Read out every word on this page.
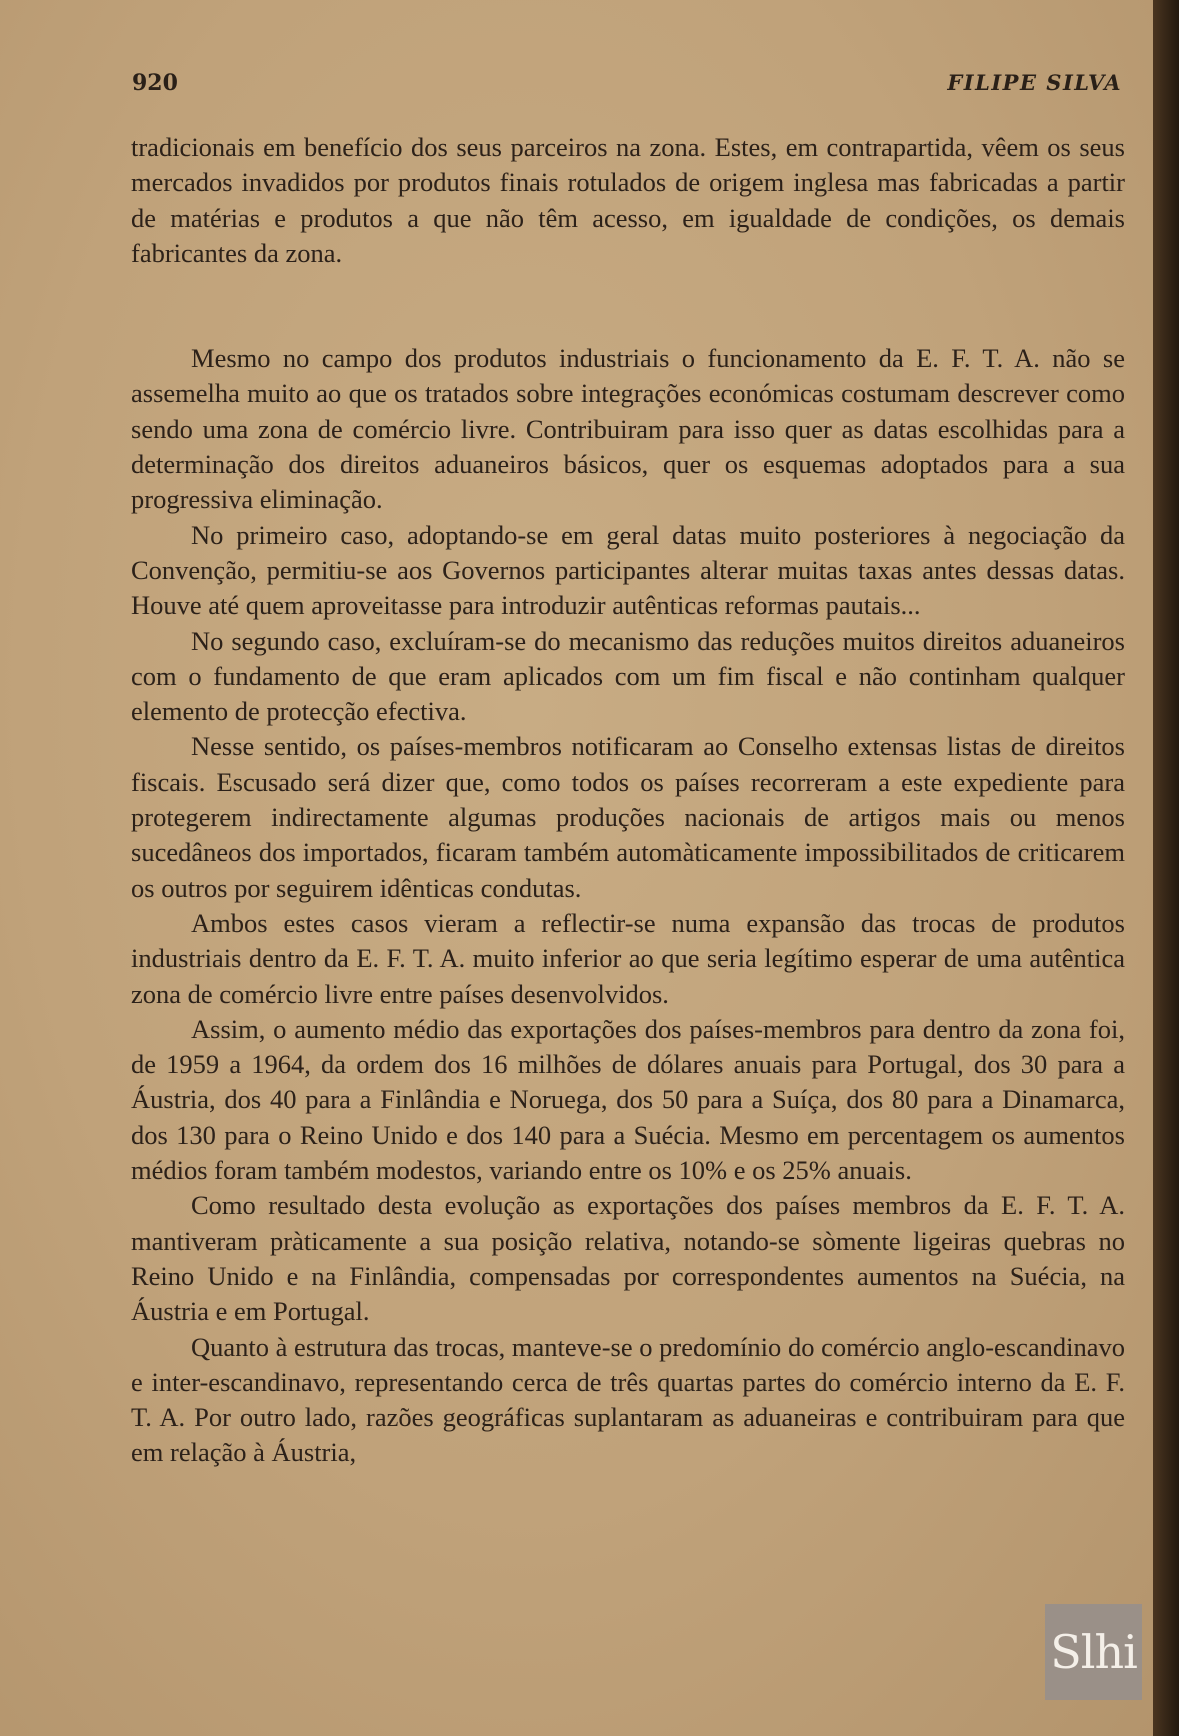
920	FILIPE SILVA

tradicionais em benefício dos seus parceiros na zona. Estes, em contrapartida, vêem os seus mercados invadidos por produtos finais rotulados de origem inglesa mas fabricadas a partir de matérias e produtos a que não têm acesso, em igualdade de condições, os demais fabricantes da zona.

Mesmo no campo dos produtos industriais o funcionamento da E. F. T. A. não se assemelha muito ao que os tratados sobre integrações económicas costumam descrever como sendo uma zona de comércio livre. Contribuiram para isso quer as datas escolhidas para a determinação dos direitos aduaneiros básicos, quer os esquemas adoptados para a sua progressiva eliminação.

No primeiro caso, adoptando-se em geral datas muito posteriores à negociação da Convenção, permitiu-se aos Governos participantes alterar muitas taxas antes dessas datas. Houve até quem aproveitasse para introduzir autênticas reformas pautais...

No segundo caso, excluíram-se do mecanismo das reduções muitos direitos aduaneiros com o fundamento de que eram aplicados com um fim fiscal e não continham qualquer elemento de protecção efectiva.

Nesse sentido, os países-membros notificaram ao Conselho extensas listas de direitos fiscais. Escusado será dizer que, como todos os países recorreram a este expediente para protegerem indirectamente algumas produções nacionais de artigos mais ou menos sucedâneos dos importados, ficaram também automàticamente impossibilitados de criticarem os outros por seguirem idênticas condutas.

Ambos estes casos vieram a reflectir-se numa expansão das trocas de produtos industriais dentro da E. F. T. A. muito inferior ao que seria legítimo esperar de uma autêntica zona de comércio livre entre países desenvolvidos.

Assim, o aumento médio das exportações dos países-membros para dentro da zona foi, de 1959 a 1964, da ordem dos 16 milhões de dólares anuais para Portugal, dos 30 para a Áustria, dos 40 para a Finlândia e Noruega, dos 50 para a Suíça, dos 80 para a Dinamarca, dos 130 para o Reino Unido e dos 140 para a Suécia. Mesmo em percentagem os aumentos médios foram também modestos, variando entre os 10% e os 25% anuais.

Como resultado desta evolução as exportações dos países membros da E. F. T. A. mantiveram pràticamente a sua posição relativa, notando-se sòmente ligeiras quebras no Reino Unido e na Finlândia, compensadas por correspondentes aumentos na Suécia, na Áustria e em Portugal.

Quanto à estrutura das trocas, manteve-se o predomínio do comércio anglo-escandinavo e inter-escandinavo, representando cerca de três quartas partes do comércio interno da E. F. T. A. Por outro lado, razões geográficas suplantaram as aduaneiras e contribuiram para que em relação à Áustria,

Slhi
